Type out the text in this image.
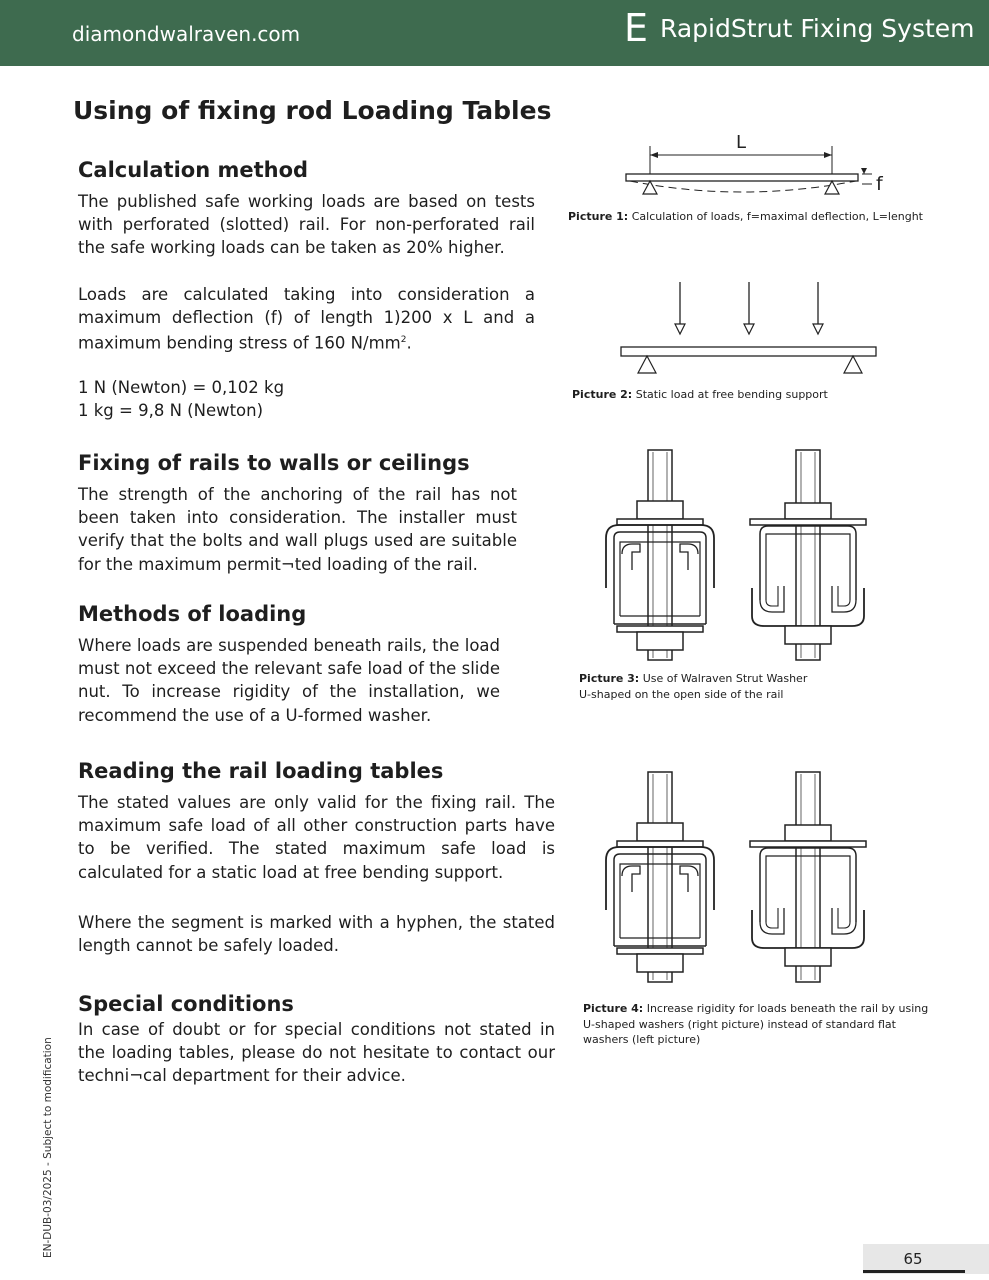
diamondwalraven.com	E RapidStrut Fixing System
Using of fixing rod Loading Tables
Calculation method

The published safe working loads are based on tests with perforated (slotted) rail. For non-perforated rail the safe working loads can be taken as 20% higher.

Loads are calculated taking into consideration a maximum deflection (f) of length 1)200 x L and a maximum bending stress of 160 $N/mm^2$.

1 N (Newton) = 0,102 kg

1 kg = 9,8 N (Newton)

Fixing of rails to walls or ceilings

The strength of the anchoring of the rail has not been taken into consideration. The installer must verify that the bolts and wall plugs used are suitable for the maximum permit¬ted loading of the rail.

Methods of loading

Where loads are suspended beneath rails, the load must not exceed the relevant safe load of the slide nut. To increase rigidity of the installation, we recommend the use of a U-formed washer.

Reading the rail loading tables

The stated values are only valid for the fixing rail. The maximum safe load of all other construction parts have to be verified. The stated maximum safe load is calculated for a static load at free bending support.

Where the segment is marked with a hyphen, the stated length cannot be safely loaded.

Special conditions

In case of doubt or for special conditions not stated in the loading tables, please do not hesitate to contact our techni¬cal department for their advice.

L
f

Picture 1: Calculation of loads, f=maximal deflection, L=lenght

Picture 2: Static load at free bending support

Picture 3: Use of Walraven Strut Washer
U-shaped on the open side of the rail

Picture 4: Increase rigidity for loads beneath the rail by using
U-shaped washers (right picture) instead of standard flat
washers (left picture)

EN-DUB-03/2025 - Subject to modification
65
